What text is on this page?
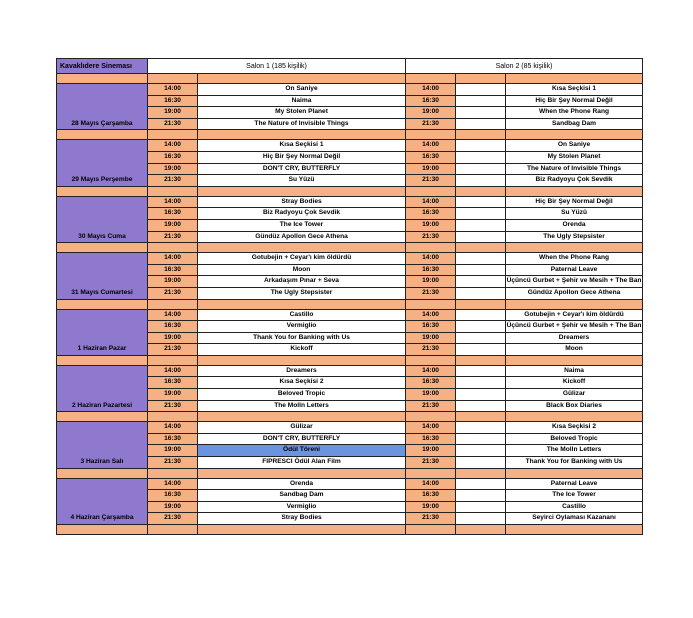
Kavaklıdere Sineması	Salon 1 (185 kişilik)		Salon 2 (85 kişilik)		

28 Mayıs Çarşamba	14:00	On Saniye	14:00		Kısa Seçkisi 1
	16:30	Naima	16:30		Hiç Bir Şey Normal Değil
	19:00	My Stolen Planet	19:00		When the Phone Rang
	21:30	The Nature of Invisible Things	21:30		Sandbag Dam

29 Mayıs Perşembe	14:00	Kısa Seçkisi 1	14:00		On Saniye
	16:30	Hiç Bir Şey Normal Değil	16:30		My Stolen Planet
	19:00	DON'T CRY, BUTTERFLY	19:00		The Nature of Invisible Things
	21:30	Su Yüzü	21:30		Biz Radyoyu Çok Sevdik

30 Mayıs Cuma	14:00	Stray Bodies	14:00		Hiç Bir Şey Normal Değil
	16:30	Biz Radyoyu Çok Sevdik	16:30		Su Yüzü
	19:00	The Ice Tower	19:00		Orenda
	21:30	Gündüz Apollon Gece Athena	21:30		The Ugly Stepsister

31 Mayıs Cumartesi	14:00	Gotubejin + Ceyar'ı kim öldürdü	14:00		When the Phone Rang
	16:30	Moon	16:30		Paternal Leave
	19:00	Arkadaşım Pınar + Seva	19:00		Üçüncü Gurbet + Şehir ve Mesih + The Ban
	21:30	The Ugly Stepsister	21:30		Gündüz Apollon Gece Athena

1 Haziran Pazar	14:00	Castillo	14:00		Gotubejin + Ceyar'ı kim öldürdü
	16:30	Vermiglio	16:30		Üçüncü Gurbet + Şehir ve Mesih + The Ban
	19:00	Thank You for Banking with Us	19:00		Dreamers
	21:30	Kickoff	21:30		Moon

2 Haziran Pazartesi	14:00	Dreamers	14:00		Naima
	16:30	Kısa Seçkisi 2	16:30		Kickoff
	19:00	Beloved Tropic	19:00		Gülizar
	21:30	The Molln Letters	21:30		Black Box Diaries

3 Haziran Salı	14:00	Gülizar	14:00		Kısa Seçkisi 2
	16:30	DON'T CRY, BUTTERFLY	16:30		Beloved Tropic
	19:00	Ödül Töreni	19:00		The Molln Letters
	21:30	FIPRESCI Ödül Alan Film	21:30		Thank You for Banking with Us

4 Haziran Çarşamba	14:00	Orenda	14:00		Paternal Leave
	16:30	Sandbag Dam	16:30		The Ice Tower
	19:00	Vermiglio	19:00		Castillo
	21:30	Stray Bodies	21:30		Seyirci Oylaması Kazananı
